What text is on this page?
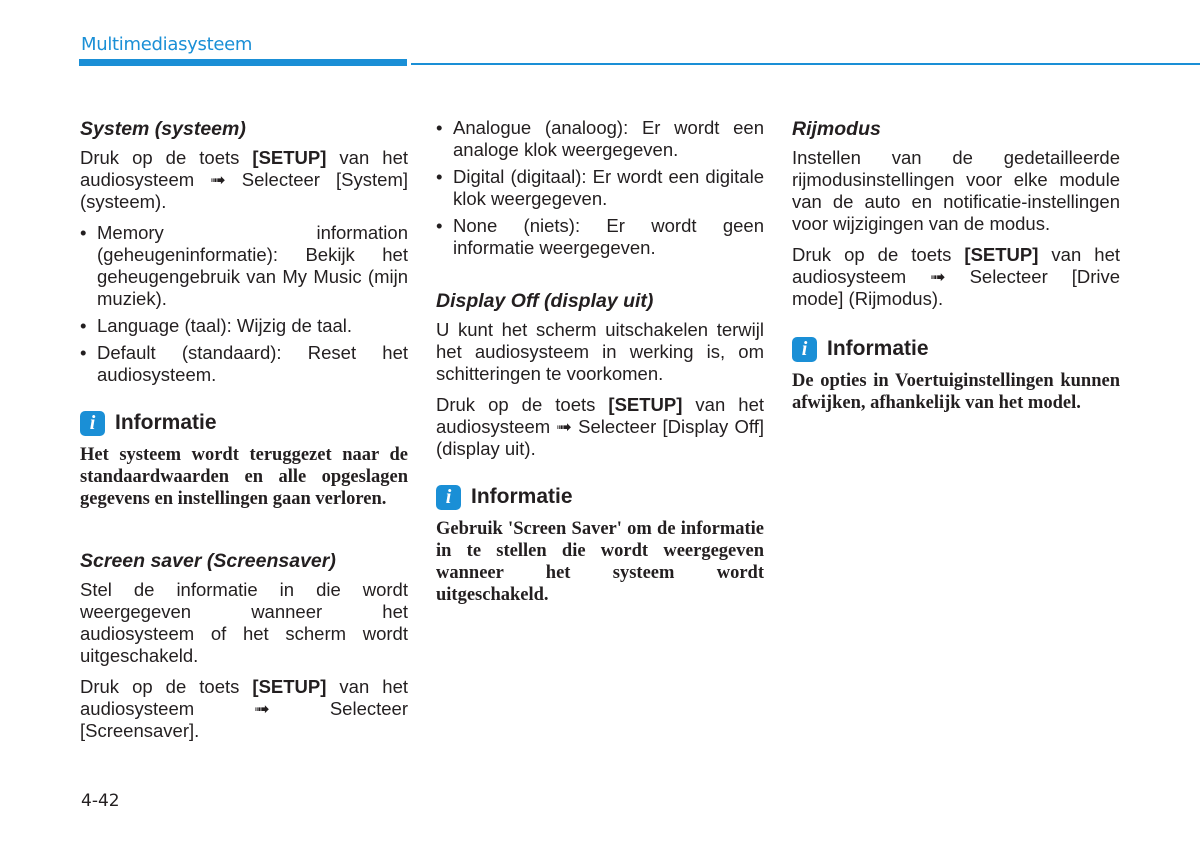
Multimediasysteem
System (systeem)

Druk op de toets [SETUP] van het audiosysteem ➟ Selecteer [System] (systeem).

• Memory information (geheugeninformatie): Bekijk het geheugengebruik van My Music (mijn muziek).
• Language (taal): Wijzig de taal.
• Default (standaard): Reset het audiosysteem.
i Informatie

Het systeem wordt teruggezet naar de standaardwaarden en alle opgeslagen gegevens en instellingen gaan verloren.

Screen saver (Screensaver)

Stel de informatie in die wordt weergegeven wanneer het audiosysteem of het scherm wordt uitgeschakeld.

Druk op de toets [SETUP] van het audiosysteem ➟ Selecteer [Screensaver].

• Analogue (analoog): Er wordt een analoge klok weergegeven.
• Digital (digitaal): Er wordt een digitale klok weergegeven.
• None (niets): Er wordt geen informatie weergegeven.
Display Off (display uit)

U kunt het scherm uitschakelen terwijl het audiosysteem in werking is, om schitteringen te voorkomen.

Druk op de toets [SETUP] van het audiosysteem ➟ Selecteer [Display Off] (display uit).

i Informatie

Gebruik 'Screen Saver' om de informatie in te stellen die wordt weergegeven wanneer het systeem wordt uitgeschakeld.

Rijmodus

Instellen van de gedetailleerde rijmodusinstellingen voor elke module van de auto en notificatie-instellingen voor wijzigingen van de modus.

Druk op de toets [SETUP] van het audiosysteem ➟ Selecteer [Drive mode] (Rijmodus).

i Informatie

De opties in Voertuiginstellingen kunnen afwijken, afhankelijk van het model.

4-42
